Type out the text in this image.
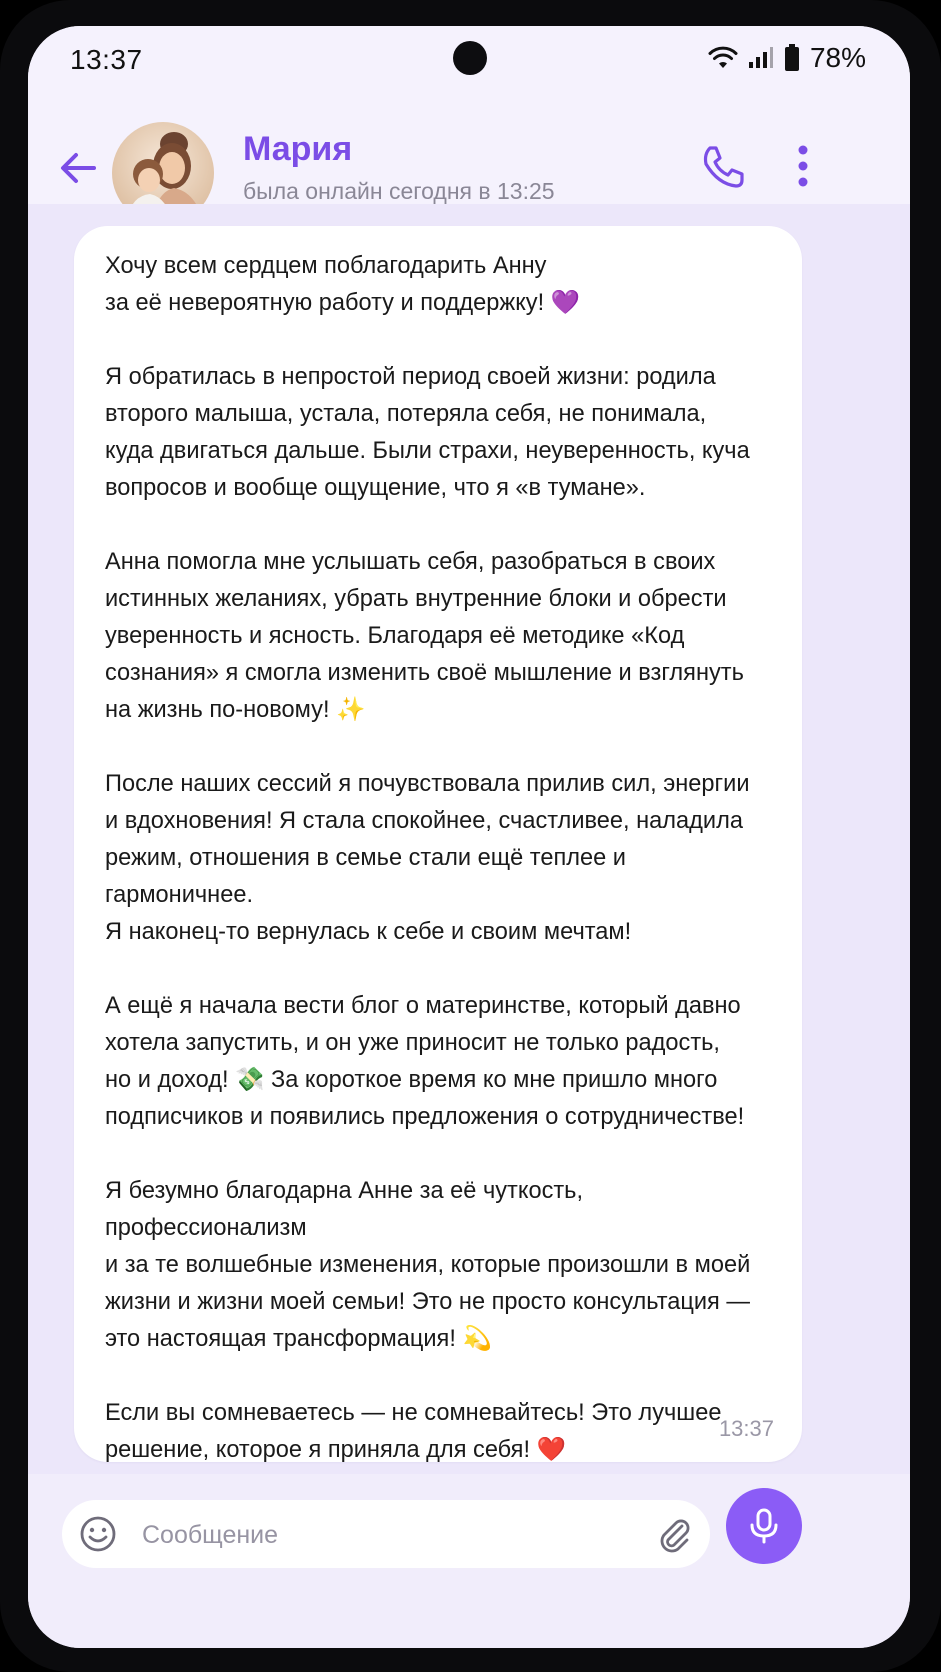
13:37	78%
Мария
была онлайн сегодня в 13:25
Хочу всем сердцем поблагодарить Анну
за её невероятную работу и поддержку! 💜

Я обратилась в непростой период своей жизни: родила
второго малыша, устала, потеряла себя, не понимала,
куда двигаться дальше. Были страхи, неуверенность, куча
вопросов и вообще ощущение, что я «в тумане».

Анна помогла мне услышать себя, разобраться в своих
истинных желаниях, убрать внутренние блоки и обрести
уверенность и ясность. Благодаря её методике «Код
сознания» я смогла изменить своё мышление и взглянуть
на жизнь по-новому! ✨

После наших сессий я почувствовала прилив сил, энергии
и вдохновения! Я стала спокойнее, счастливее, наладила
режим, отношения в семье стали ещё теплее и гармоничнее.
Я наконец-то вернулась к себе и своим мечтам!

А ещё я начала вести блог о материнстве, который давно
хотела запустить, и он уже приносит не только радость,
но и доход! 💸 За короткое время ко мне пришло много
подписчиков и появились предложения о сотрудничестве!

Я безумно благодарна Анне за её чуткость, профессионализм
и за те волшебные изменения, которые произошли в моей
жизни и жизни моей семьи! Это не просто консультация —
это настоящая трансформация! 💫

Если вы сомневаетесь — не сомневайтесь! Это лучшее
решение, которое я приняла для себя! ❤️

13:37
Сообщение
